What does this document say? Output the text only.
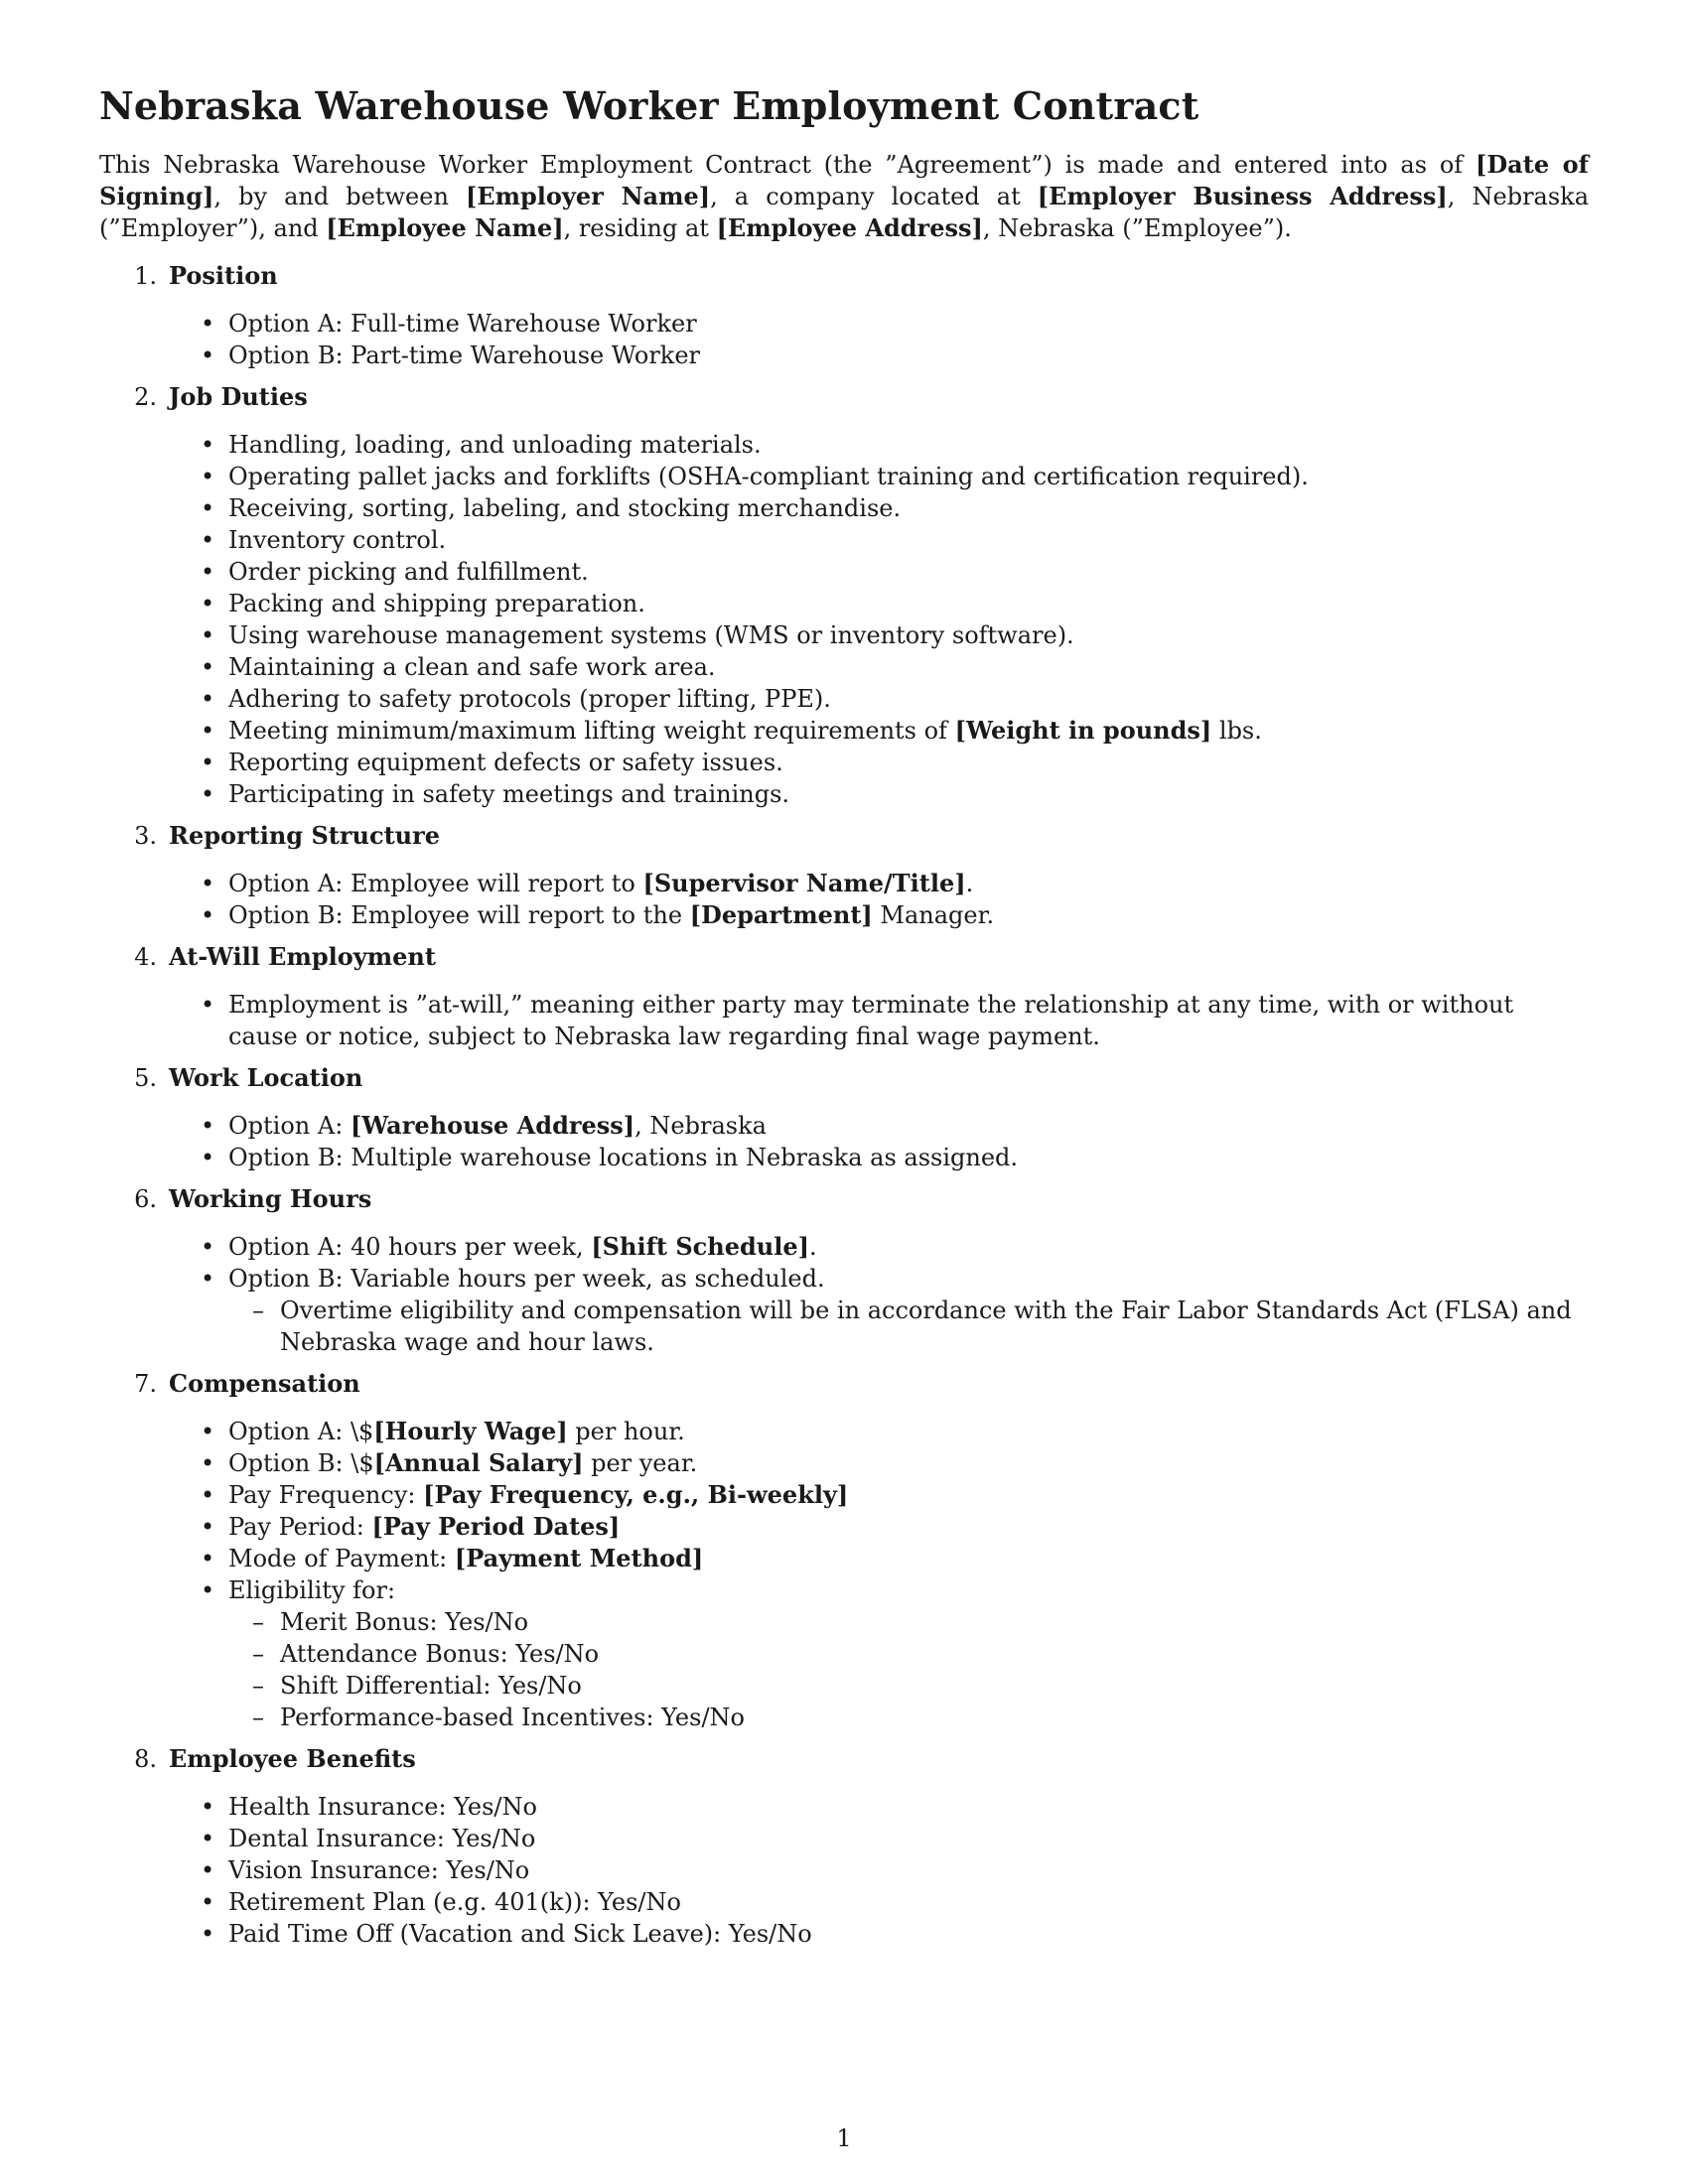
Nebraska Warehouse Worker Employment Contract

This Nebraska Warehouse Worker Employment Contract (the ”Agreement”) is made and entered into as of [Date of Signing], by and between [Employer Name], a company located at [Employer Business Address], Nebraska (”Employer”), and [Employee Name], residing at [Employee Address], Nebraska (”Employee”).

1. Position
• Option A: Full-time Warehouse Worker
• Option B: Part-time Warehouse Worker
2. Job Duties
• Handling, loading, and unloading materials.
• Operating pallet jacks and forklifts (OSHA-compliant training and certification required).
• Receiving, sorting, labeling, and stocking merchandise.
• Inventory control.
• Order picking and fulfillment.
• Packing and shipping preparation.
• Using warehouse management systems (WMS or inventory software).
• Maintaining a clean and safe work area.
• Adhering to safety protocols (proper lifting, PPE).
• Meeting minimum/maximum lifting weight requirements of [Weight in pounds] lbs.
• Reporting equipment defects or safety issues.
• Participating in safety meetings and trainings.
3. Reporting Structure
• Option A: Employee will report to [Supervisor Name/Title].
• Option B: Employee will report to the [Department] Manager.
4. At-Will Employment
• Employment is ”at-will,” meaning either party may terminate the relationship at any time, with or without cause or notice, subject to Nebraska law regarding final wage payment.
5. Work Location
• Option A: [Warehouse Address], Nebraska
• Option B: Multiple warehouse locations in Nebraska as assigned.
6. Working Hours
• Option A: 40 hours per week, [Shift Schedule].
• Option B: Variable hours per week, as scheduled.
– Overtime eligibility and compensation will be in accordance with the Fair Labor Standards Act (FLSA) and Nebraska wage and hour laws.
7. Compensation
• Option A: \$[Hourly Wage] per hour.
• Option B: \$[Annual Salary] per year.
• Pay Frequency: [Pay Frequency, e.g., Bi-weekly]
• Pay Period: [Pay Period Dates]
• Mode of Payment: [Payment Method]
• Eligibility for:
– Merit Bonus: Yes/No
– Attendance Bonus: Yes/No
– Shift Differential: Yes/No
– Performance-based Incentives: Yes/No
8. Employee Benefits
• Health Insurance: Yes/No
• Dental Insurance: Yes/No
• Vision Insurance: Yes/No
• Retirement Plan (e.g. 401(k)): Yes/No
• Paid Time Off (Vacation and Sick Leave): Yes/No
1
